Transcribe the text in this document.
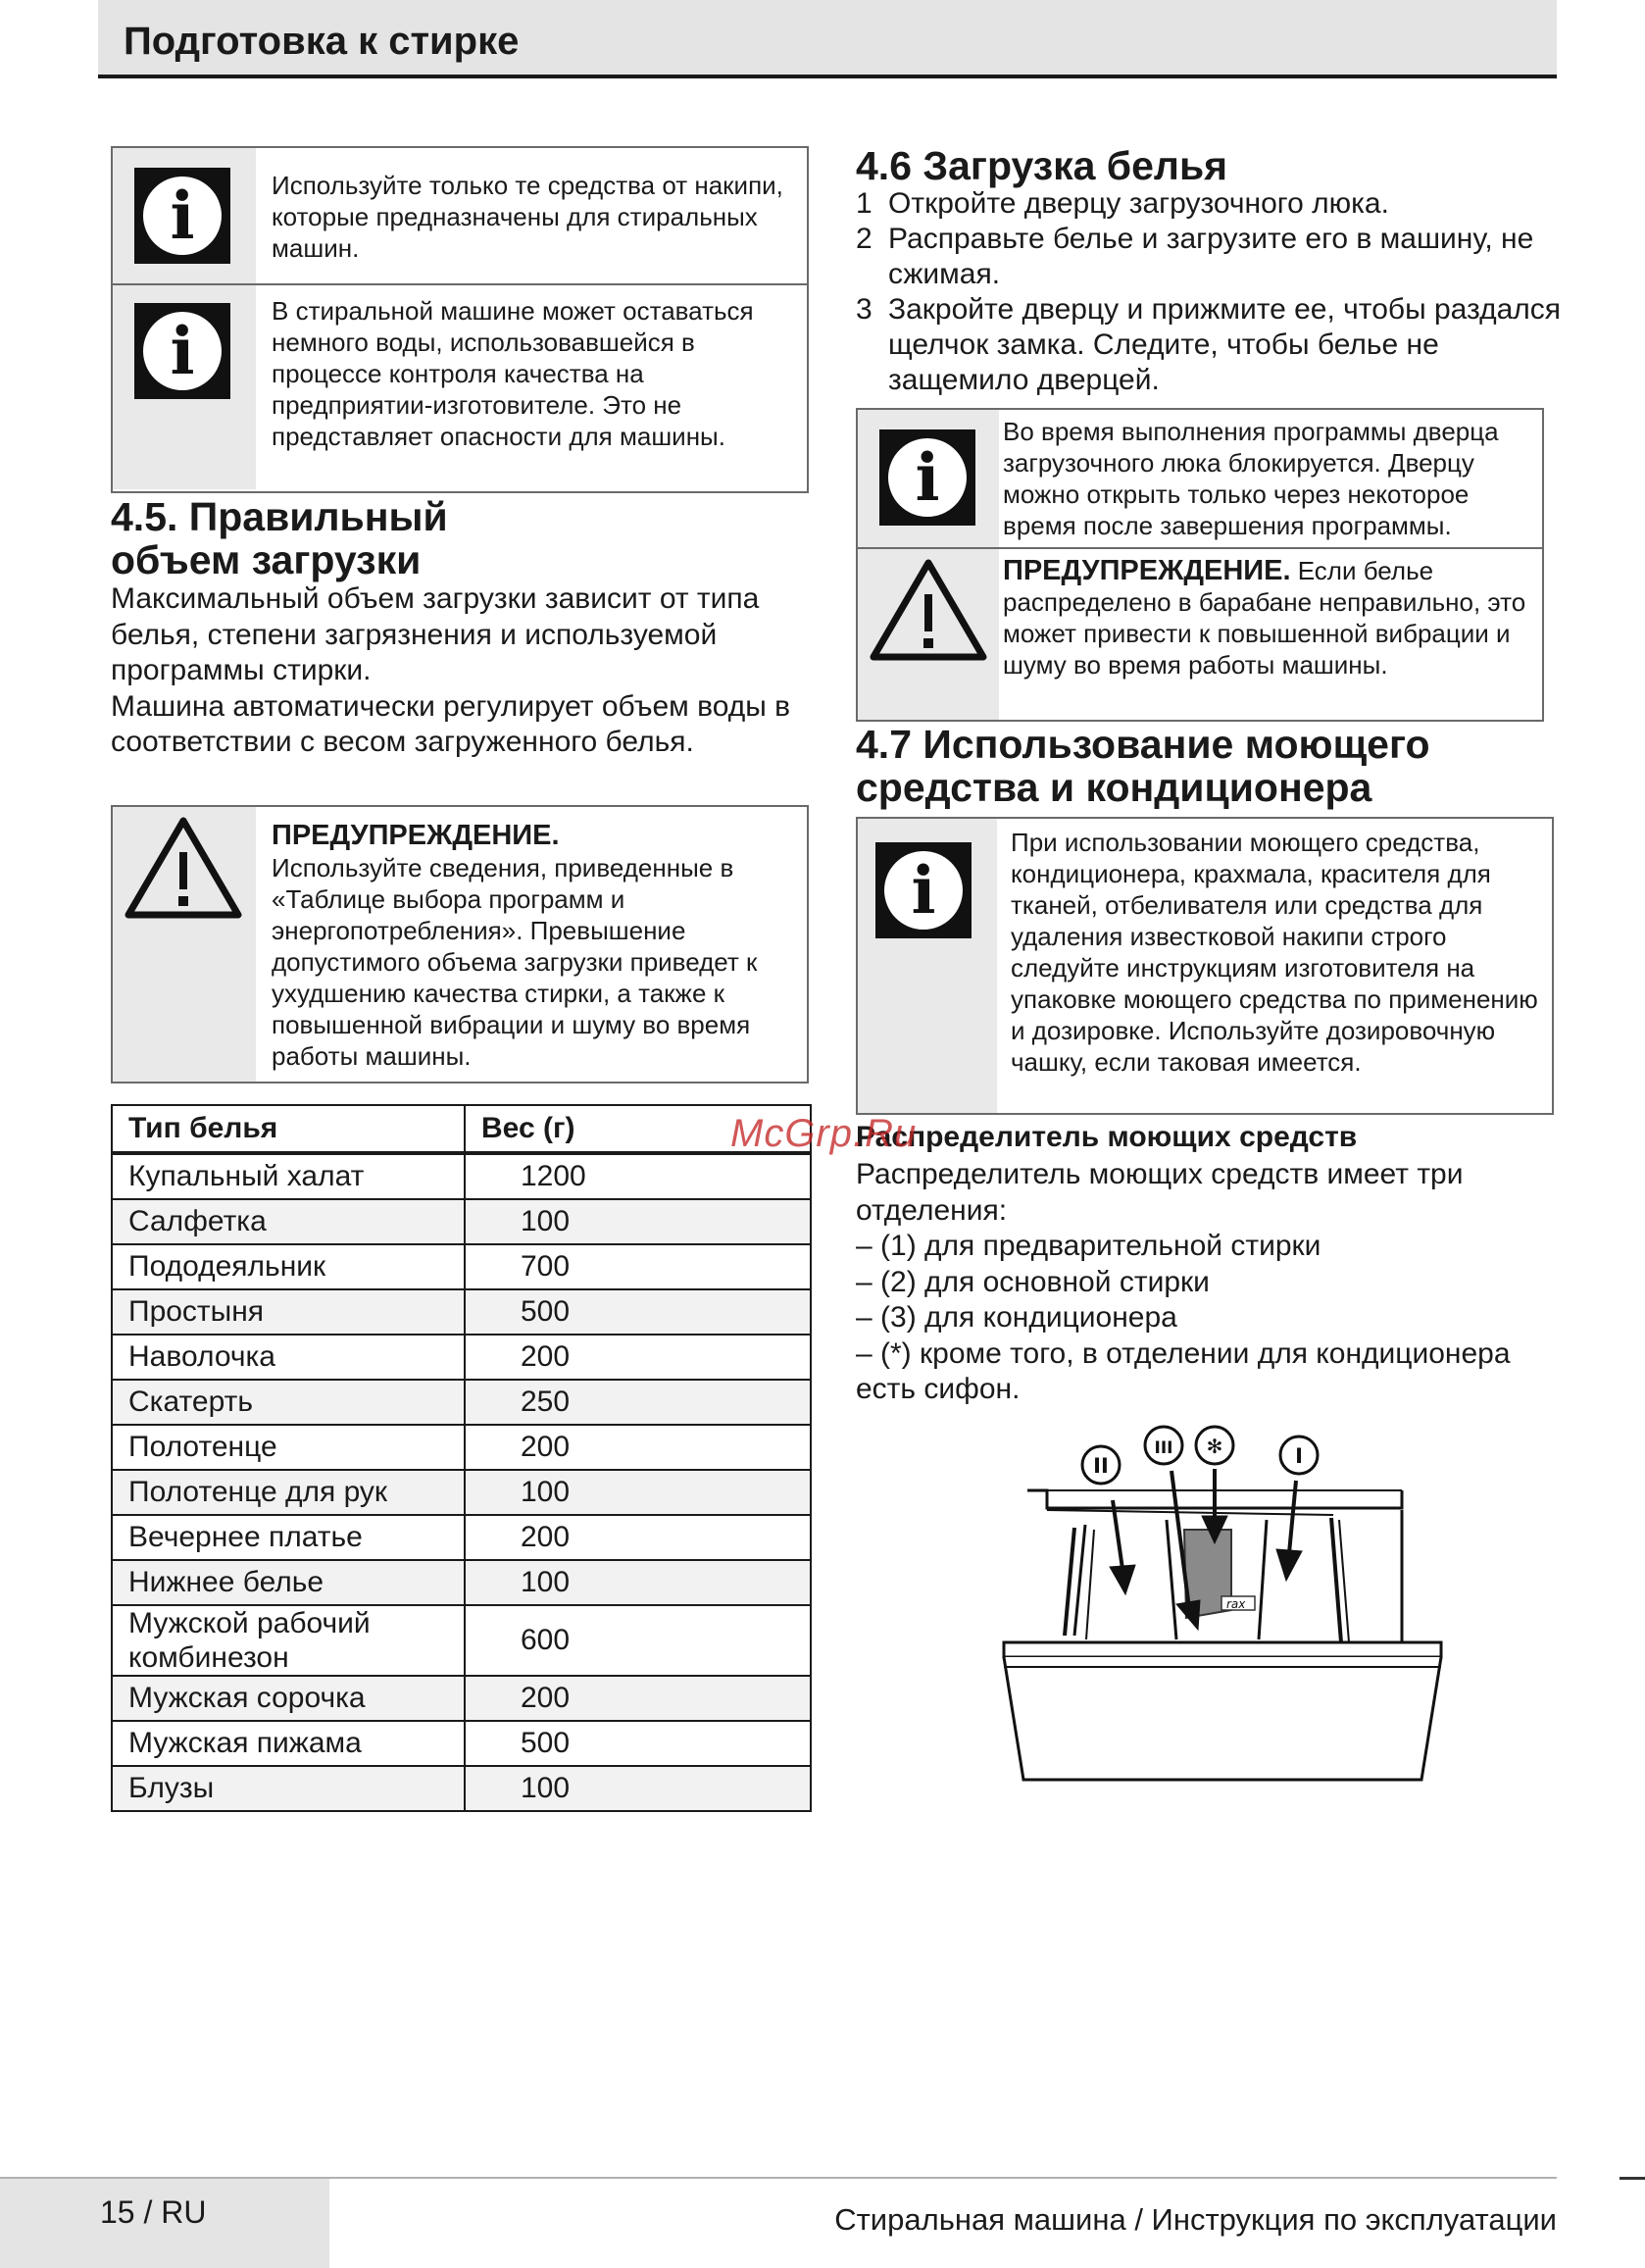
Подготовка к стирке
i	Используйте только те средства от накипи, которые предназначены для стиральных машин.
i
В стиральной машине может оставаться немного воды, использовавшейся в процессе контроля качества на предприятии-изготовителе. Это не представляет опасности для машины.
4.5. Правильный
объем загрузки

Максимальный объем загрузки зависит от типа белья, степени загрязнения и используемой программы стирки.

Машина автоматически регулирует объем воды в соответствии с весом загруженного белья.

ПРЕДУПРЕЖДЕНИЕ.
Используйте сведения, приведенные в «Таблице выбора программ и энергопотребления». Превышение допустимого объема загрузки приведет к ухудшению качества стирки, а также к повышенной вибрации и шуму во время работы машины.
Тип белья	Вес (г)
Купальный халат	1200
Салфетка	100
Пододеяльник	700
Простыня	500
Наволочка	200
Скатерть	250
Полотенце	200
Полотенце для рук	100
Вечернее платье	200
Нижнее белье	100
Мужской рабочий комбинезон	600
Мужская сорочка	200
Мужская пижама	500
Блузы	100
4.6 Загрузка белья
1 Откройте дверцу загрузочного люка.
2 Расправьте белье и загрузите его в машину, не сжимая.
3 Закройте дверцу и прижмите ее, чтобы раздался щелчок замка. Следите, чтобы белье не защемило дверцей.
i
Во время выполнения программы дверца загрузочного люка блокируется. Дверцу можно открыть только через некоторое время после завершения программы.
ПРЕДУПРЕЖДЕНИЕ. Если белье распределено в барабане неправильно, это может привести к повышенной вибрации и шуму во время работы машины.
4.7 Использование моющего
средства и кондиционера
i
При использовании моющего средства, кондиционера, крахмала, красителя для тканей, отбеливателя или средства для удаления известковой накипи строго следуйте инструкциям изготовителя на упаковке моющего средства по применению и дозировке. Используйте дозировочную чашку, если таковая имеется.
Распределитель моющих средств

Распределитель моющих средств имеет три отделения:

– (1) для предварительной стирки

– (2) для основной стирки

– (3) для кондиционера

– (*) кроме того, в отделении для кондиционера есть сифон.

II
III ✻	I
rax
McGrp.Ru
15 / RU	Стиральная машина / Инструкция по эксплуатации
